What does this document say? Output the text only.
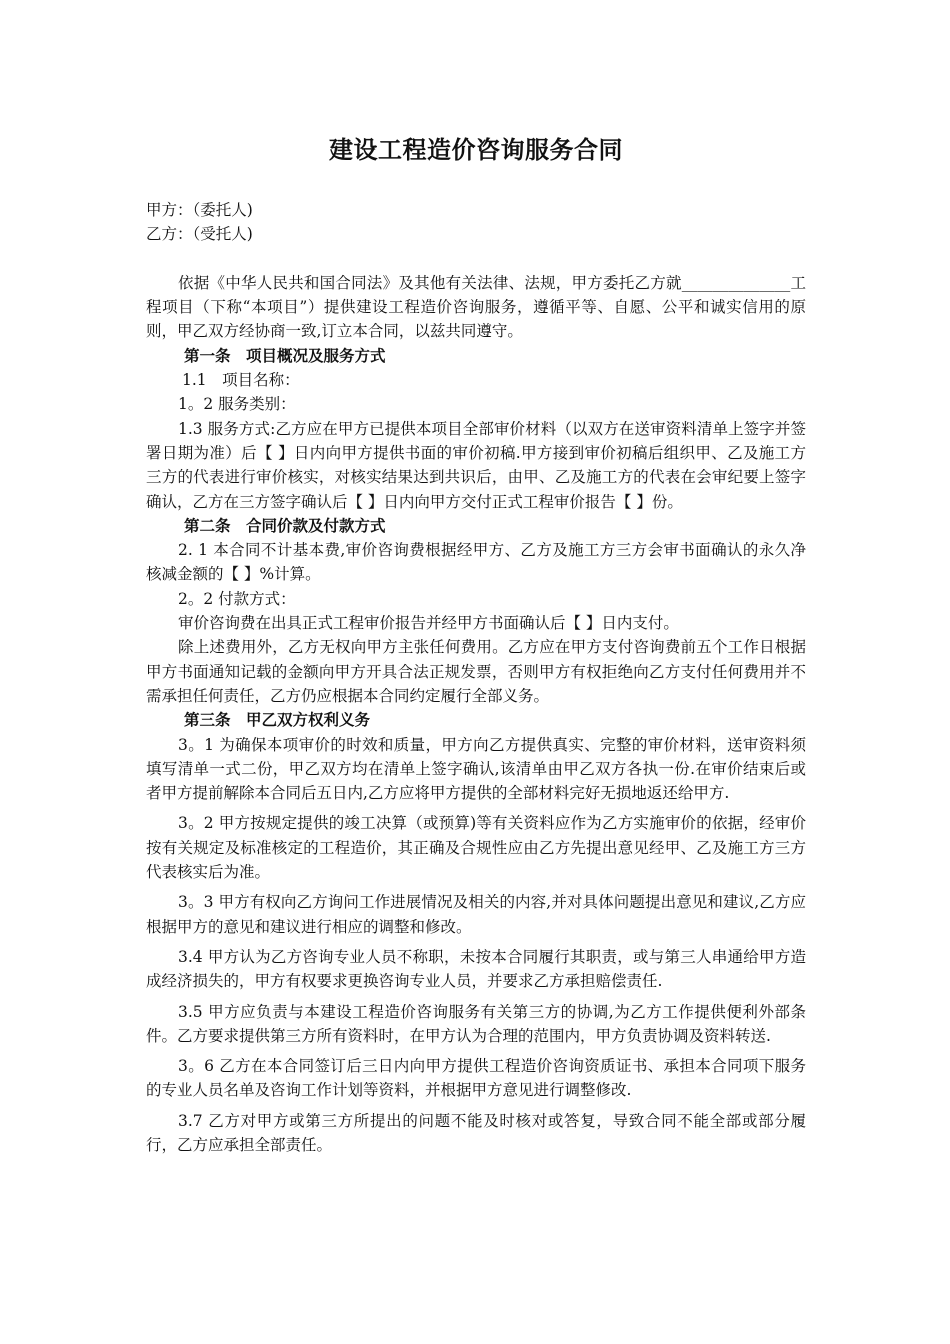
建设工程造价咨询服务合同

甲方：（委托人)

乙方：（受托人)

依据《中华人民共和国合同法》及其他有关法律、法规，甲方委托乙方就______________工程项目（下称“本项目”）提供建设工程造价咨询服务，遵循平等、自愿、公平和诚实信用的原则，甲乙双方经协商一致,订立本合同，以兹共同遵守。

第一条　项目概况及服务方式

1.1　项目名称：

1。2 服务类别：

1.3 服务方式:乙方应在甲方已提供本项目全部审价材料（以双方在送审资料清单上签字并签署日期为准）后【 】日内向甲方提供书面的审价初稿.甲方接到审价初稿后组织甲、乙及施工方三方的代表进行审价核实，对核实结果达到共识后，由甲、乙及施工方的代表在会审纪要上签字确认，乙方在三方签字确认后【 】日内向甲方交付正式工程审价报告【 】份。

第二条　合同价款及付款方式

2. 1 本合同不计基本费,审价咨询费根据经甲方、乙方及施工方三方会审书面确认的永久净核减金额的【 】%计算。

2。2 付款方式：

审价咨询费在出具正式工程审价报告并经甲方书面确认后【 】日内支付。

除上述费用外，乙方无权向甲方主张任何费用。乙方应在甲方支付咨询费前五个工作日根据甲方书面通知记载的金额向甲方开具合法正规发票，否则甲方有权拒绝向乙方支付任何费用并不需承担任何责任，乙方仍应根据本合同约定履行全部义务。

第三条　甲乙双方权利义务

3。1 为确保本项审价的时效和质量，甲方向乙方提供真实、完整的审价材料，送审资料须填写清单一式二份，甲乙双方均在清单上签字确认,该清单由甲乙双方各执一份.在审价结束后或者甲方提前解除本合同后五日内,乙方应将甲方提供的全部材料完好无损地返还给甲方.

3。2 甲方按规定提供的竣工决算（或预算)等有关资料应作为乙方实施审价的依据，经审价按有关规定及标准核定的工程造价，其正确及合规性应由乙方先提出意见经甲、乙及施工方三方代表核实后为准。

3。3 甲方有权向乙方询问工作进展情况及相关的内容,并对具体问题提出意见和建议,乙方应根据甲方的意见和建议进行相应的调整和修改。

3.4 甲方认为乙方咨询专业人员不称职，未按本合同履行其职责，或与第三人串通给甲方造成经济损失的，甲方有权要求更换咨询专业人员，并要求乙方承担赔偿责任.

3.5 甲方应负责与本建设工程造价咨询服务有关第三方的协调,为乙方工作提供便利外部条件。乙方要求提供第三方所有资料时，在甲方认为合理的范围内，甲方负责协调及资料转送.

3。6 乙方在本合同签订后三日内向甲方提供工程造价咨询资质证书、承担本合同项下服务的专业人员名单及咨询工作计划等资料，并根据甲方意见进行调整修改.

3.7 乙方对甲方或第三方所提出的问题不能及时核对或答复，导致合同不能全部或部分履行，乙方应承担全部责任。
